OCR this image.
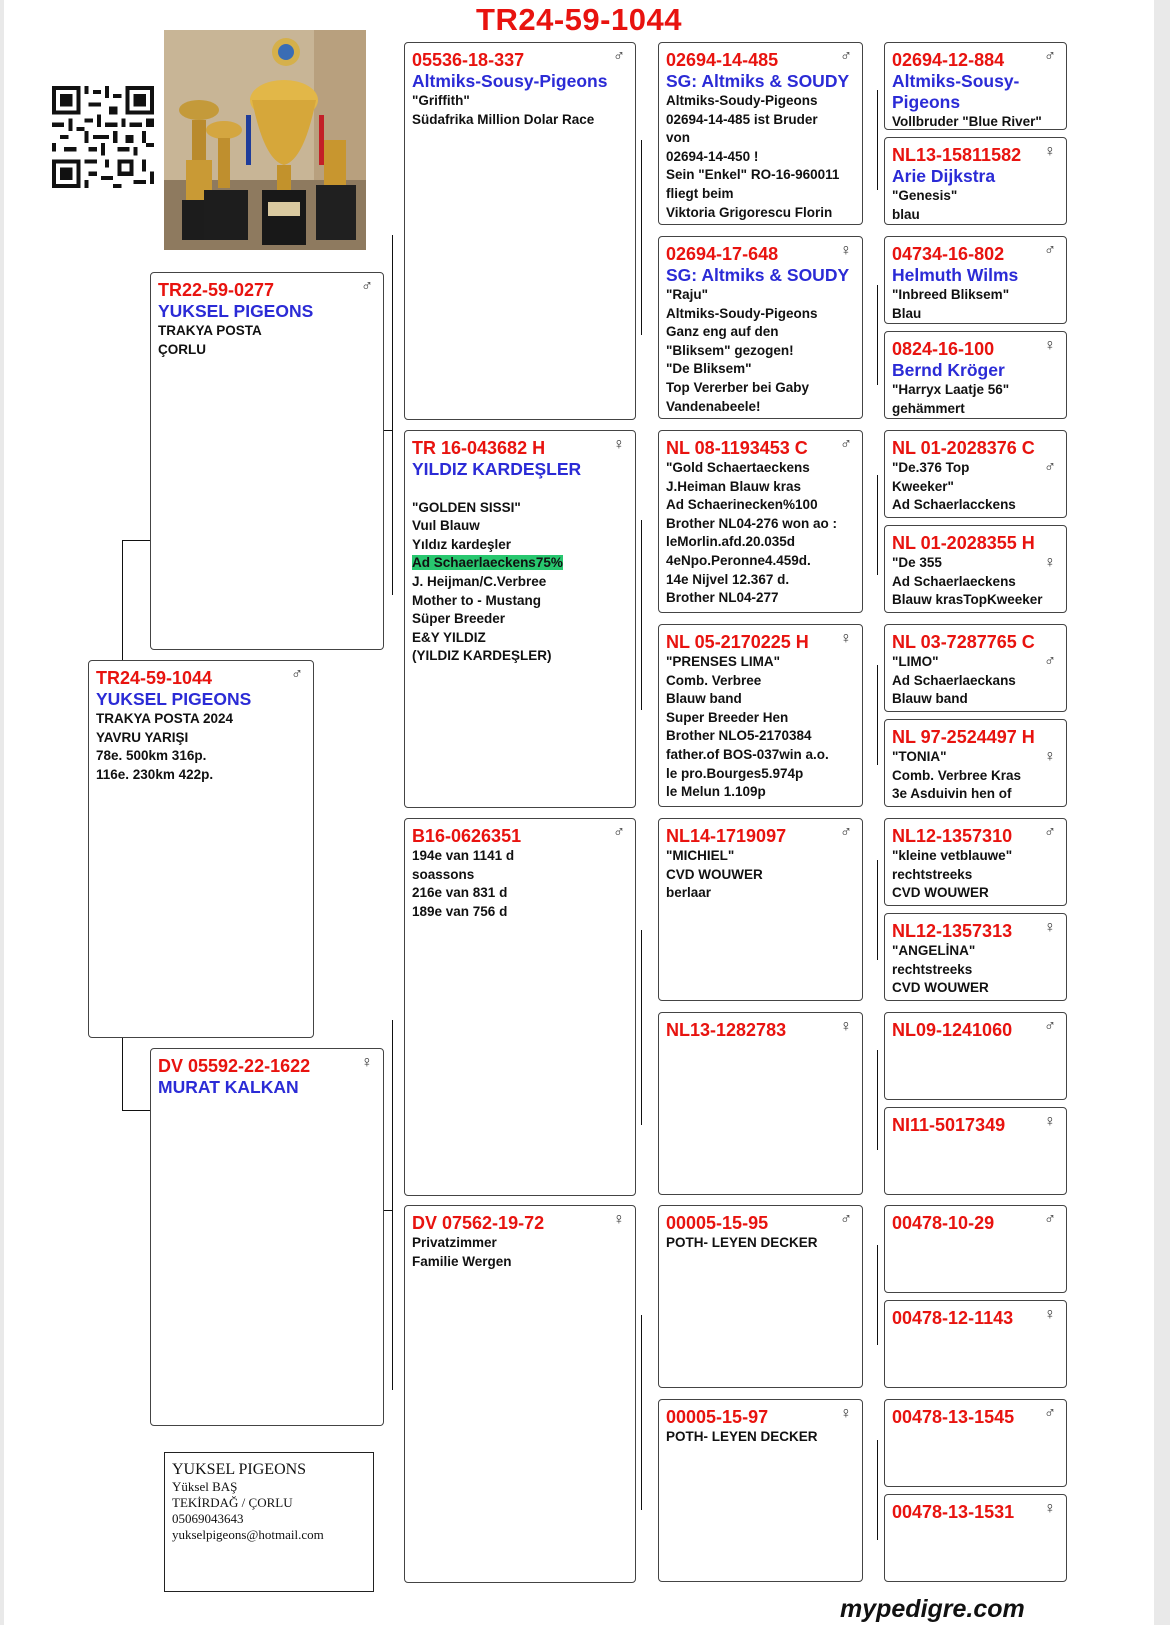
TR24-59-1044
TR24-59-1044	♂
YUKSEL PIGEONS
TRAKYA POSTA 2024
YAVRU YARIŞI
78e. 500km 316p.
116e. 230km 422p.
TR22-59-0277	♂
YUKSEL PIGEONS
TRAKYA POSTA
ÇORLU
DV 05592-22-1622	♀
MURAT KALKAN
05536-18-337	♂
Altmiks-Sousy-Pigeons
"Griffith"
Südafrika Million Dolar Race
TR 16-043682 H	♀
YILDIZ KARDEŞLER

"GOLDEN SISSI"
Vuıl Blauw
Yıldız kardeşler
Ad Schaerlaeckens75%
J. Heijman/C.Verbree
Mother to - Mustang
Süper Breeder
E&Y YILDIZ
(YILDIZ KARDEŞLER)
B16-0626351	♂
194e van 1141 d
soassons
216e van 831 d
189e van 756 d
DV 07562-19-72	♀
Privatzimmer
Familie Wergen
02694-14-485	♂
SG: Altmiks & SOUDY
Altmiks-Soudy-Pigeons
02694-14-485 ist Bruder
von
02694-14-450 !
Sein "Enkel" RO-16-960011
fliegt beim
Viktoria Grigorescu Florin
02694-17-648	♀
SG: Altmiks & SOUDY
"Raju"
Altmiks-Soudy-Pigeons
Ganz eng auf den
"Bliksem" gezogen!
"De Bliksem"
Top Vererber bei Gaby
Vandenabeele!
NL 08-1193453 C	♂
"Gold Schaertaeckens
J.Heiman Blauw kras
Ad Schaerinecken%100
Brother NL04-276 won ao :
leMorlin.afd.20.035d
4eNpo.Peronne4.459d.
14e Nijvel 12.367 d.
Brother NL04-277
NL 05-2170225 H	♀
"PRENSES LIMA"
Comb. Verbree
Blauw band
Super Breeder Hen
Brother NLO5-2170384
father.of BOS-037win a.o.
le pro.Bourges5.974p
le Melun 1.109p
NL14-1719097	♂
"MICHIEL"
CVD WOUWER
berlaar
NL13-1282783	♀
00005-15-95	♂
POTH- LEYEN DECKER
00005-15-97	♀
POTH- LEYEN DECKER
02694-12-884	♂
Altmiks-Sousy-
Pigeons
Vollbruder "Blue River"
NL13-15811582	♀
Arie Dijkstra
"Genesis"
blau
04734-16-802	♂
Helmuth Wilms
"Inbreed Bliksem"
Blau
0824-16-100	♀
Bernd Kröger
"Harryx Laatje 56"
gehämmert
NL 01-2028376 C
♂
"De.376 Top
Kweeker"
Ad Schaerlacckens
NL 01-2028355 H
♀
"De 355
Ad Schaerlaeckens
Blauw krasTopKweeker
NL 03-7287765 C
♂
"LIMO"
Ad Schaerlaeckans
Blauw band
NL 97-2524497 H
♀
"TONIA"
Comb. Verbree Kras
3e Asduivin hen of
NL12-1357310	♂
"kleine vetblauwe"
rechtstreeks
CVD WOUWER
NL12-1357313	♀
"ANGELİNA"
rechtstreeks
CVD WOUWER
NL09-1241060	♂
NI11-5017349	♀
00478-10-29	♂
00478-12-1143	♀
00478-13-1545	♂
00478-13-1531	♀
YUKSEL PIGEONS
Yüksel BAŞ
TEKİRDAĞ / ÇORLU
05069043643
yukselpigeons@hotmail.com
mypedigre.com
